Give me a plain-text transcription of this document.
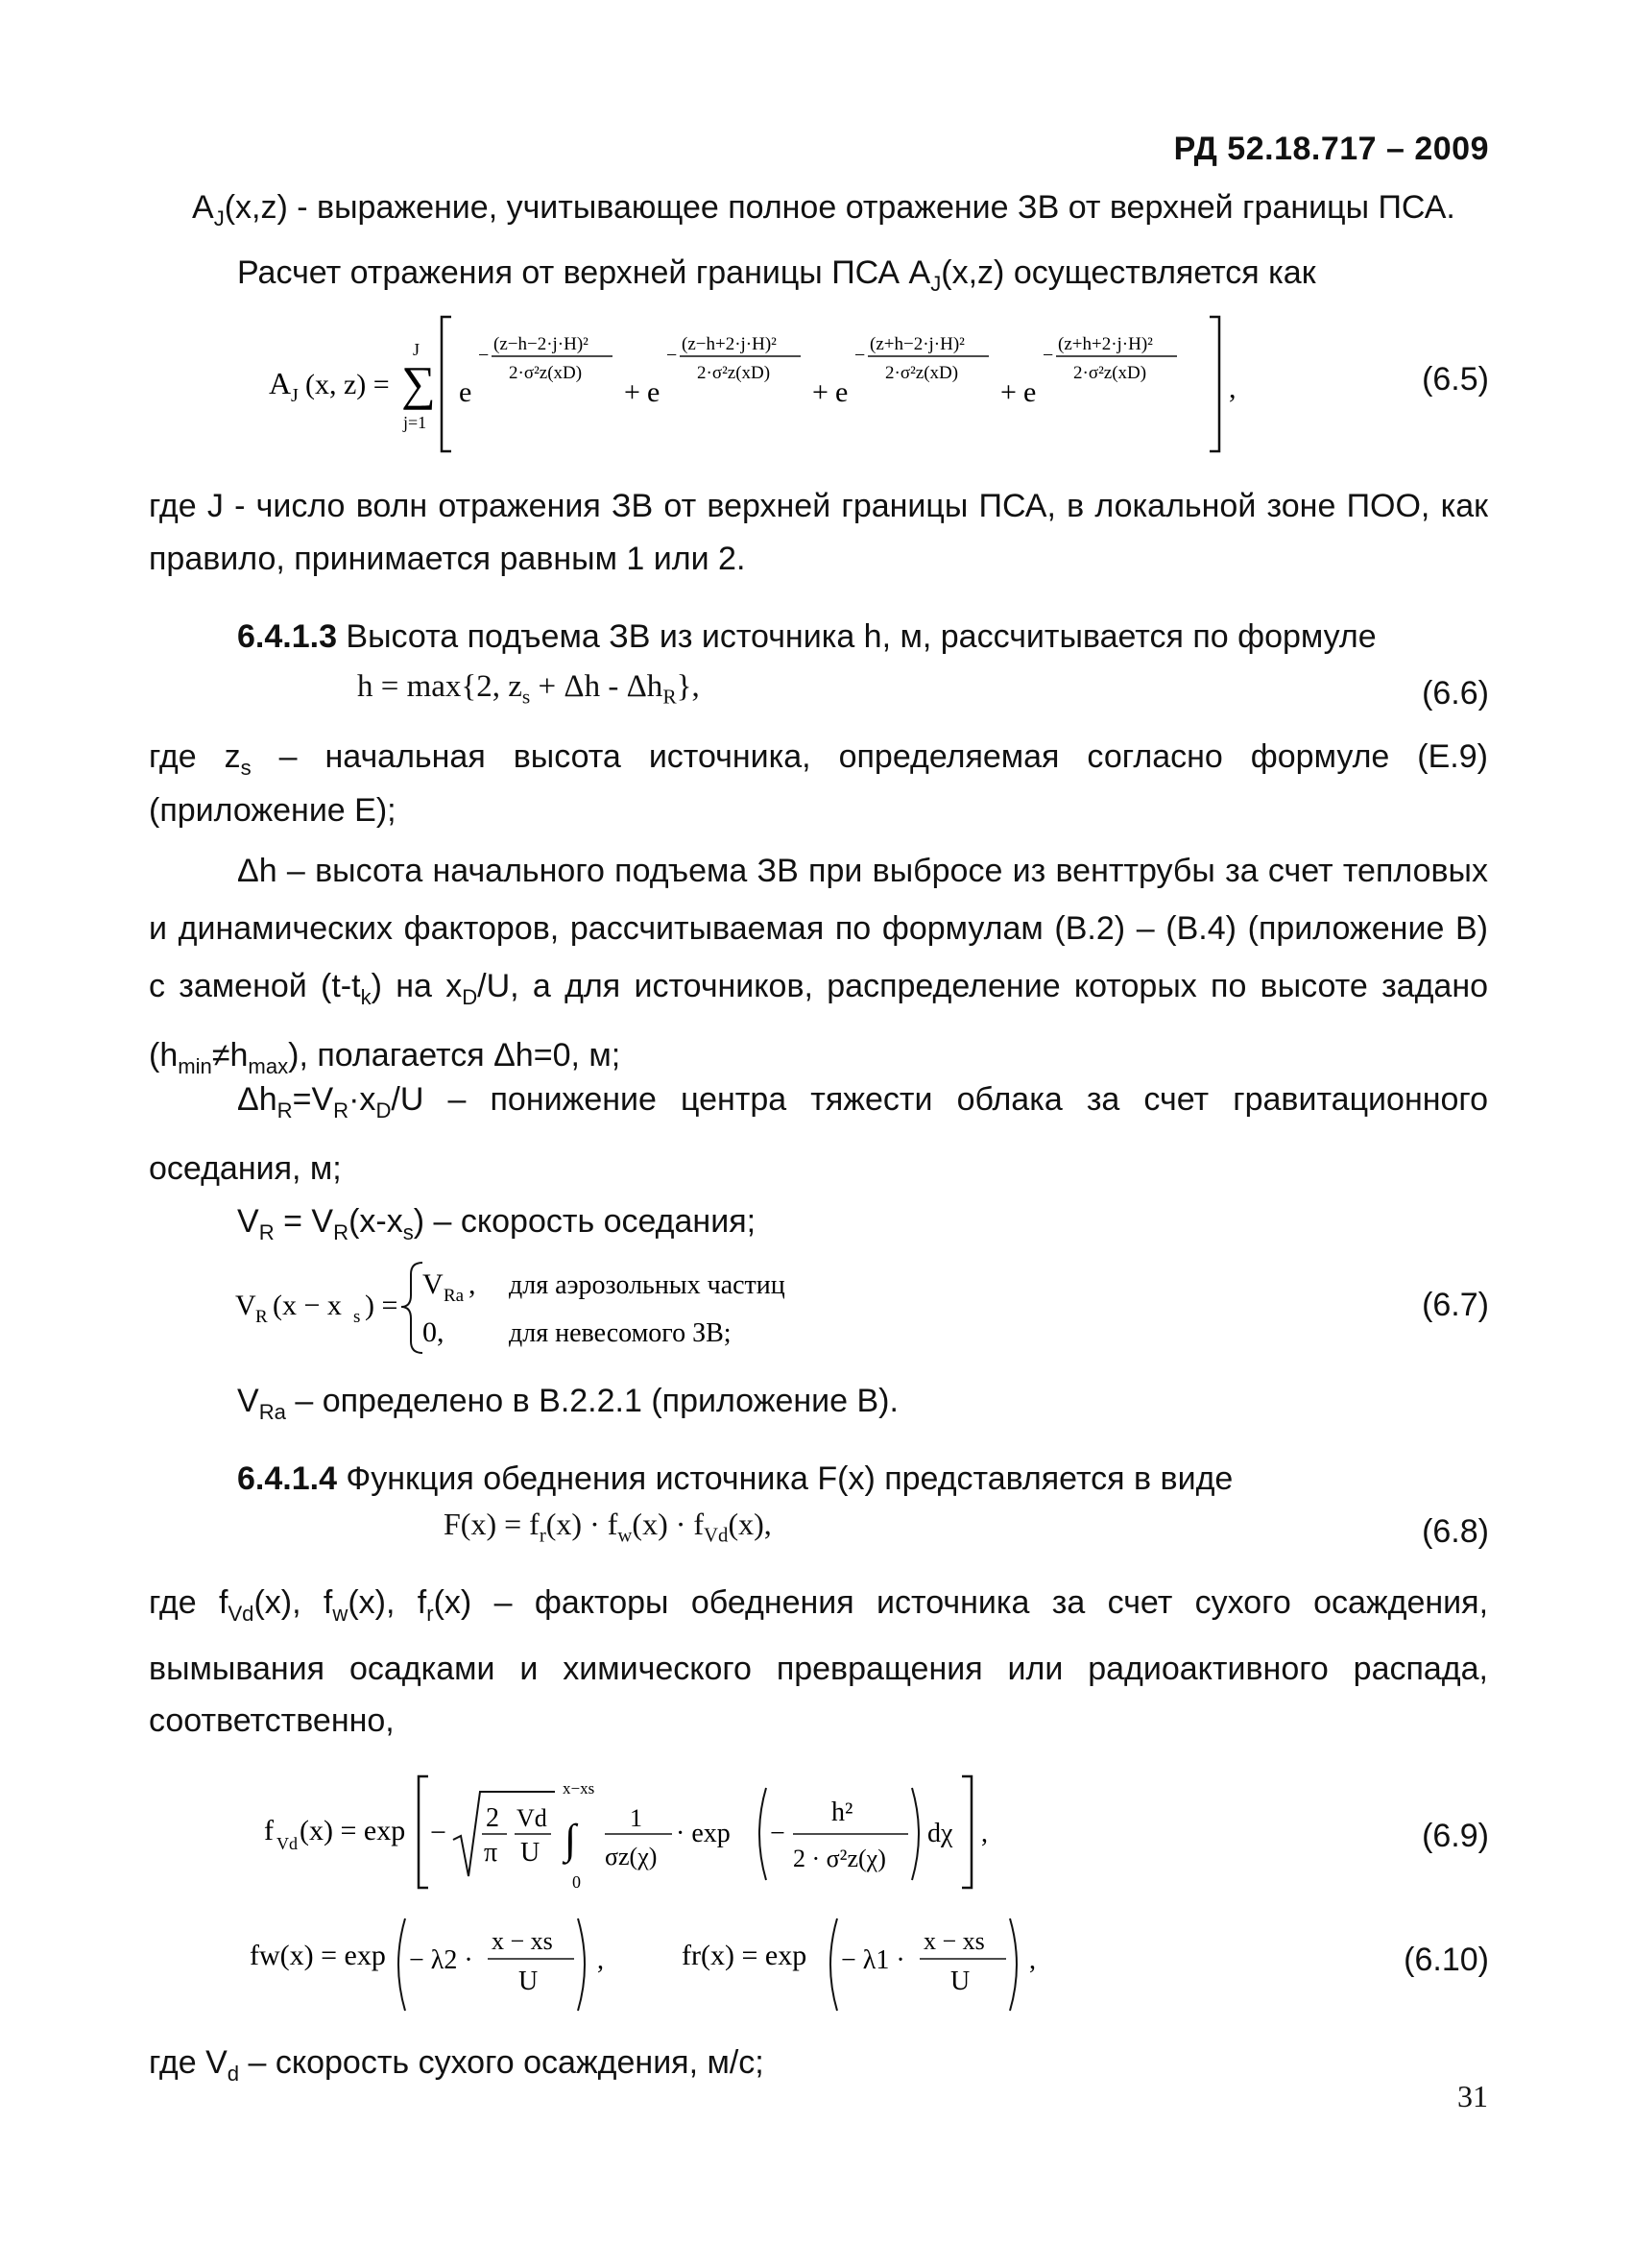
РД 52.18.717 – 2009
$A_J(x,z)$ - выражение, учитывающее полное отражение ЗВ от верхней границы ПСА.
Расчет отражения от верхней границы ПСА $A_J(x,z)$ осуществляется как
A J (x, z) =
J
∑
j=1
e
−
(z−h−2·j·H)²
2·σ²z(xD)
+ e
−
(z−h+2·j·H)²
2·σ²z(xD)
+ e
−
(z+h−2·j·H)²
2·σ²z(xD)
+ e
−
(z+h+2·j·H)²
2·σ²z(xD)	,	(6.5)
где J - число волн отражения ЗВ от верхней границы ПСА, в локальной зоне ПОО, как
правило, принимается равным 1 или 2.
6.4.1.3 Высота подъема ЗВ из источника h, м, рассчитывается по формуле
h = max{2, $z_s + \Delta h - \Delta h_R$},	(6.6)
где $z_s$ – начальная высота источника, определяемая согласно формуле (Е.9)
(приложение Е);
Δh – высота начального подъема ЗВ при выбросе из венттрубы за счет тепловых и динамических факторов, рассчитываемая по формулам (В.2) – (В.4) (приложение В) с заменой $(t-t_k)$ на $x_D/U$, а для источников, распределение которых по высоте задано $(h_{min}\ne h_{max})$, полагается Δh=0, м;
$\Delta h_R=V_R\cdot x_D/U$ – понижение центра тяжести облака за счет гравитационного оседания, м;
$V_R = V_R(x-x_s)$ – скорость оседания;
V R (x − x s ) =
V Ra , для аэрозольных частиц
0, для невесомого ЗВ;
(6.7)
$V_{Ra}$ – определено в В.2.2.1 (приложение В).
6.4.1.4 Функция обеднения источника F(x) представляется в виде
$F(x) = f_r(x) \cdot f_w(x) \cdot f_{Vd}(x)$,	(6.8)
где $f_{Vd}(x)$, $f_w(x)$, $f_r(x)$ – факторы обеднения источника за счет сухого осаждения,
вымывания осадками и химического превращения или радиоактивного распада,
соответственно,
f Vd (x) = exp − 2
π
Vd
U
x−xs
∫
0
1
σz(χ)
· exp −
h²
2 · σ²z(χ)
dχ ,	(6.9)
fw(x) = exp − λ2 ·
x − xs
U
,	fr(x) = exp − λ1 ·
x − xs
U
,	(6.10)
где $V_d$ – скорость сухого осаждения, м/с;
31
